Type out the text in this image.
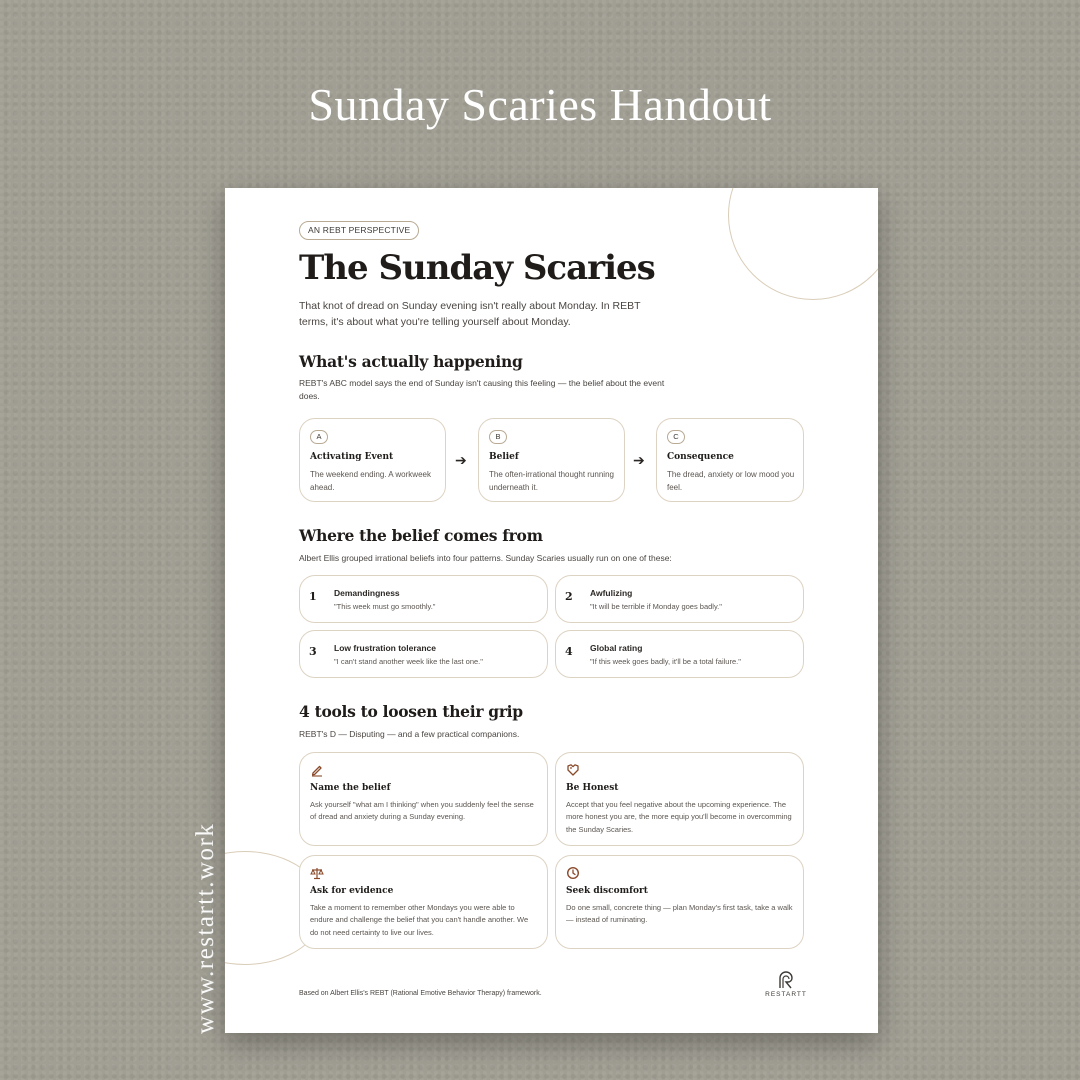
Sunday Scaries Handout
www.restartt.work
AN REBT PERSPECTIVE
The Sunday Scaries
That knot of dread on Sunday evening isn't really about Monday. In REBT terms, it's about what you're telling yourself about Monday.
What's actually happening
REBT's ABC model says the end of Sunday isn't causing this feeling — the belief about the event does.
A
Activating Event
The weekend ending. A workweek ahead.
➔
B
Belief
The often-irrational thought running underneath it.
➔
C
Consequence
The dread, anxiety or low mood you feel.
Where the belief comes from
Albert Ellis grouped irrational beliefs into four patterns. Sunday Scaries usually run on one of these:
1 Demandingness
"This week must go smoothly."
2 Awfulizing
"It will be terrible if Monday goes badly."
3 Low frustration tolerance
"I can't stand another week like the last one."
4 Global rating
"If this week goes badly, it'll be a total failure."
4 tools to loosen their grip
REBT's D — Disputing — and a few practical companions.
Name the belief
Ask yourself "what am I thinking" when you suddenly feel the sense of dread and anxiety during a Sunday evening.
Be Honest
Accept that you feel negative about the upcoming experience. The more honest you are, the more equip you'll become in overcomming the Sunday Scaries.
Ask for evidence
Take a moment to remember other Mondays you were able to endure and challenge the belief that you can't handle another. We do not need certainty to live our lives.
Seek discomfort
Do one small, concrete thing — plan Monday's first task, take a walk — instead of ruminating.
Based on Albert Ellis's REBT (Rational Emotive Behavior Therapy) framework.	RESTARTT
